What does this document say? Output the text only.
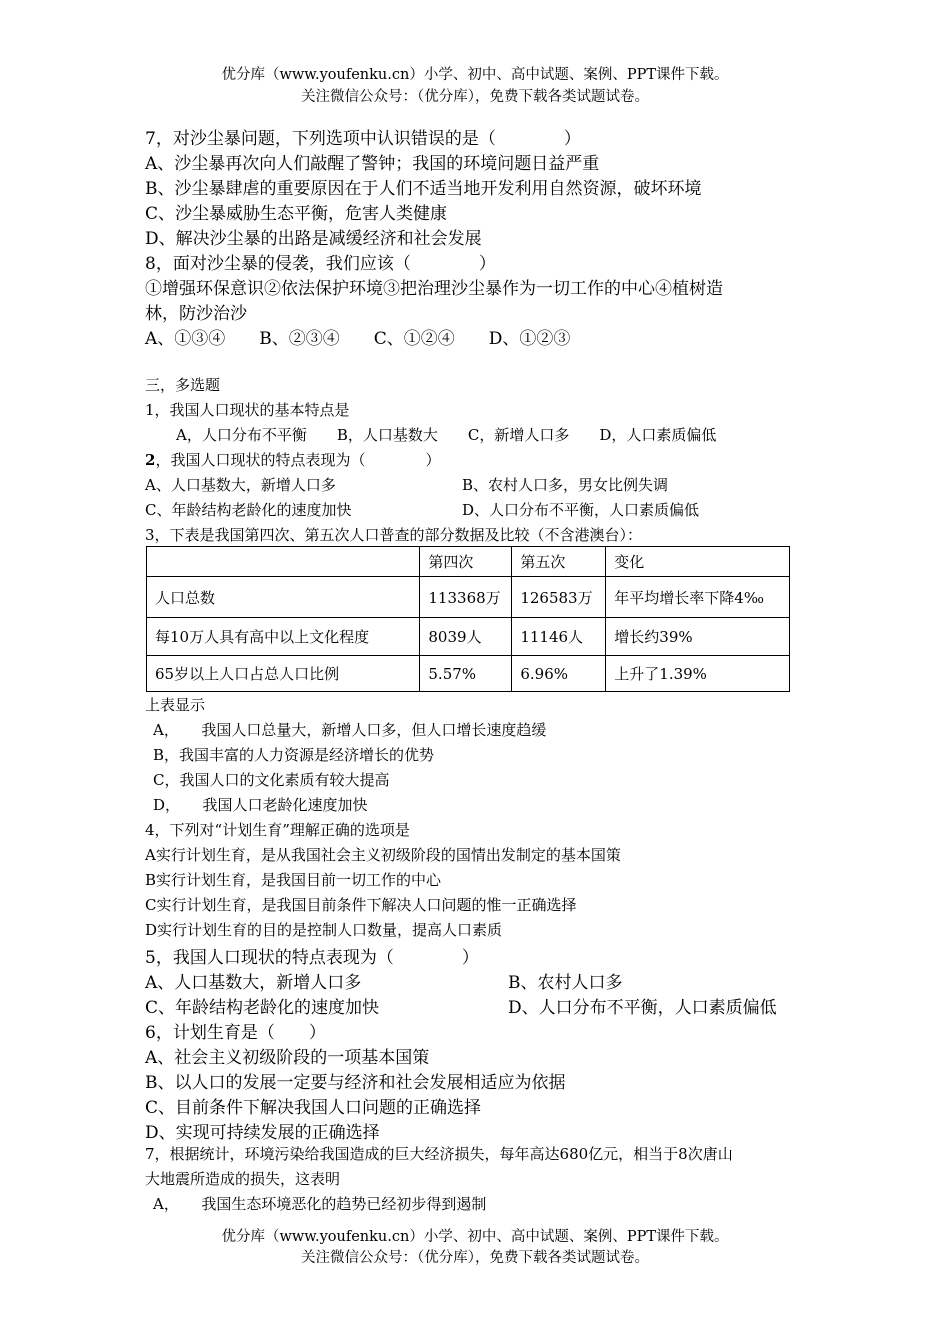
优分库（www.youfenku.cn）小学、初中、高中试题、案例、PPT课件下载。
关注微信公众号：（优分库），免费下载各类试题试卷。
7，对沙尘暴问题，下列选项中认识错误的是（　　　　）
A、沙尘暴再次向人们敲醒了警钟；我国的环境问题日益严重
B、沙尘暴肆虐的重要原因在于人们不适当地开发利用自然资源，破坏环境
C、沙尘暴威胁生态平衡，危害人类健康
D、解决沙尘暴的出路是减缓经济和社会发展
8，面对沙尘暴的侵袭，我们应该（　　　　）
①增强环保意识②依法保护环境③把治理沙尘暴作为一切工作的中心④植树造
林，防沙治沙
A、①③④　　B、②③④　　C、①②④　　D、①②③
三，多选题
1，我国人口现状的基本特点是
A，人口分布不平衡　　B，人口基数大　　C，新增人口多　　D，人口素质偏低
2，我国人口现状的特点表现为（　　　　）
A、人口基数大，新增人口多	B、农村人口多，男女比例失调
C、年龄结构老龄化的速度加快	D、人口分布不平衡，人口素质偏低
3，下表是我国第四次、第五次人口普查的部分数据及比较（不含港澳台）：
	第四次	第五次	变化
人口总数	113368万	126583万	年平均增长率下降4‰
每10万人具有高中以上文化程度	8039人	11146人	增长约39%
65岁以上人口占总人口比例	5.57%	6.96%	上升了1.39%
上表显示
A，　　我国人口总量大，新增人口多，但人口增长速度趋缓
B，我国丰富的人力资源是经济增长的优势
C，我国人口的文化素质有较大提高
D，　　我国人口老龄化速度加快
4，下列对“计划生育”理解正确的选项是
A实行计划生育，是从我国社会主义初级阶段的国情出发制定的基本国策
B实行计划生育，是我国目前一切工作的中心
C实行计划生育，是我国目前条件下解决人口问题的惟一正确选择
D实行计划生育的目的是控制人口数量，提高人口素质
5，我国人口现状的特点表现为（　　　　）
A、人口基数大，新增人口多	B、农村人口多
C、年龄结构老龄化的速度加快	D、人口分布不平衡，人口素质偏低
6，计划生育是（　　）
A、社会主义初级阶段的一项基本国策
B、以人口的发展一定要与经济和社会发展相适应为依据
C、目前条件下解决我国人口问题的正确选择
D、实现可持续发展的正确选择
7，根据统计，环境污染给我国造成的巨大经济损失，每年高达680亿元，相当于8次唐山
大地震所造成的损失，这表明
A，　　我国生态环境恶化的趋势已经初步得到遏制
优分库（www.youfenku.cn）小学、初中、高中试题、案例、PPT课件下载。
关注微信公众号：（优分库），免费下载各类试题试卷。
